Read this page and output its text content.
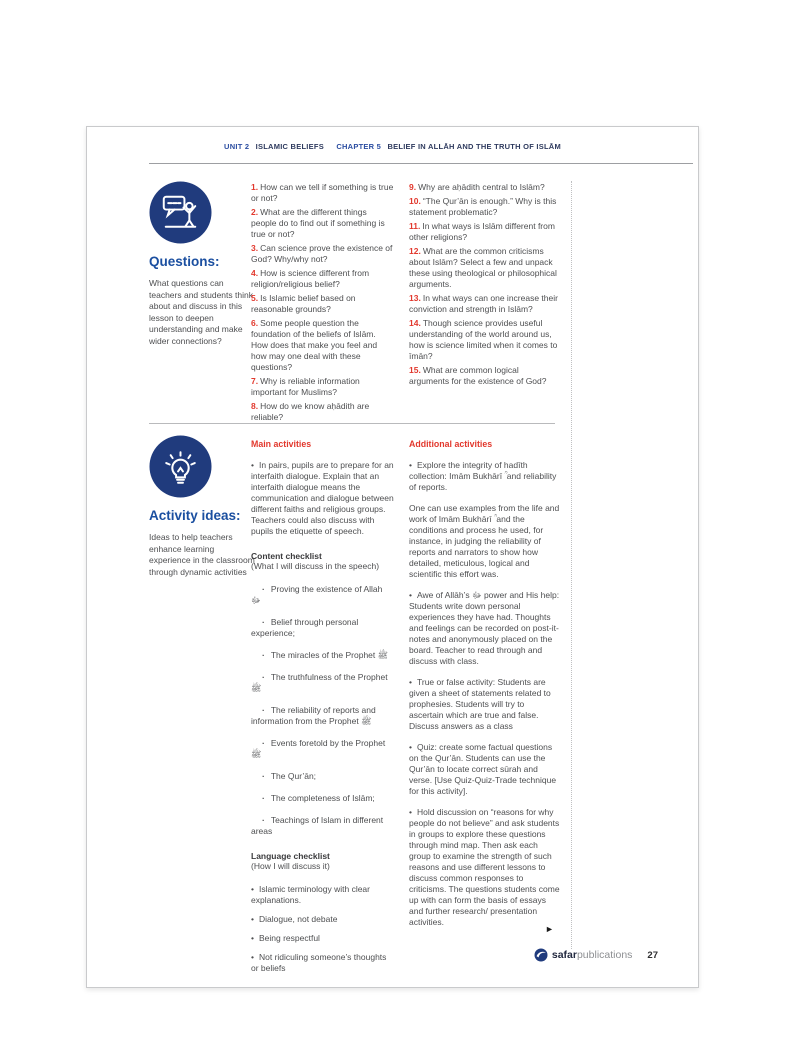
UNIT 2 ISLAMIC BELIEFS CHAPTER 5 BELIEF IN ALLĀH AND THE TRUTH OF ISLĀM
Questions:

What questions can teachers and students think about and discuss in this lesson to deepen understanding and make wider connections?

1. How can we tell if something is true or not?

2. What are the different things people do to find out if something is true or not?

3. Can science prove the existence of God? Why/why not?

4. How is science different from religion/religious belief?

5. Is Islamic belief based on reasonable grounds?

6. Some people question the foundation of the beliefs of Islām. How does that make you feel and how may one deal with these questions?

7. Why is reliable information important for Muslims?

8. How do we know aḥādith are reliable?

9. Why are aḥādith central to Islām?

10. “The Qur’ān is enough.” Why is this statement problematic?

11. In what ways is Islām different from other religions?

12. What are the common criticisms about Islām? Select a few and unpack these using theological or philosophical arguments.

13. In what ways can one increase their conviction and strength in Islām?

14. Though science provides useful understanding of the world around us, how is science limited when it comes to īmān?

15. What are common logical arguments for the existence of God?

Activity ideas:

Ideas to help teachers enhance learning experience in the classroom through dynamic activities

Main activities

• In pairs, pupils are to prepare for an interfaith dialogue. Explain that an interfaith dialogue means the communication and dialogue between different faiths and religious groups. Teachers could also discuss with pupils the etiquette of speech.

Content checklist

(What I will discuss in the speech)

· Proving the existence of Allah ﷻ

· Belief through personal experience;

· The miracles of the Prophet ﷺ

· The truthfulness of the Prophet ﷺ

· The reliability of reports and information from the Prophet ﷺ

· Events foretold by the Prophet ﷺ

· The Qur’ān;

· The completeness of Islām;

· Teachings of Islam in different areas

Language checklist

(How I will discuss it)

• Islamic terminology with clear explanations.

• Dialogue, not debate

• Being respectful

• Not ridiculing someone’s thoughts or beliefs

Additional activities

• Explore the integrity of hadīth collection: Imām Bukhārī ؒ and reliability of reports.

One can use examples from the life and work of Imām Bukhārī ؒ and the conditions and process he used, for instance, in judging the reliability of reports and narrators to show how detailed, meticulous, logical and scientific this effort was.

• Awe of Allāh’s ﷻ power and His help: Students write down personal experiences they have had. Thoughts and feelings can be recorded on post-it-notes and anonymously placed on the board. Teacher to read through and discuss with class.

• True or false activity: Students are given a sheet of statements related to prophesies. Students will try to ascertain which are true and false. Discuss answers as a class

• Quiz: create some factual questions on the Qur’ān. Students can use the Qur’ān to locate correct sūrah and verse. [Use Quiz-Quiz-Trade technique for this activity].

• Hold discussion on “reasons for why people do not believe” and ask students in groups to explore these questions through mind map. Then ask each group to examine the strength of such reasons and use different lessons to discuss common responses to criticisms. The questions students come up with can form the basis of essays and further research/ presentation activities.

►
safar publications 27
